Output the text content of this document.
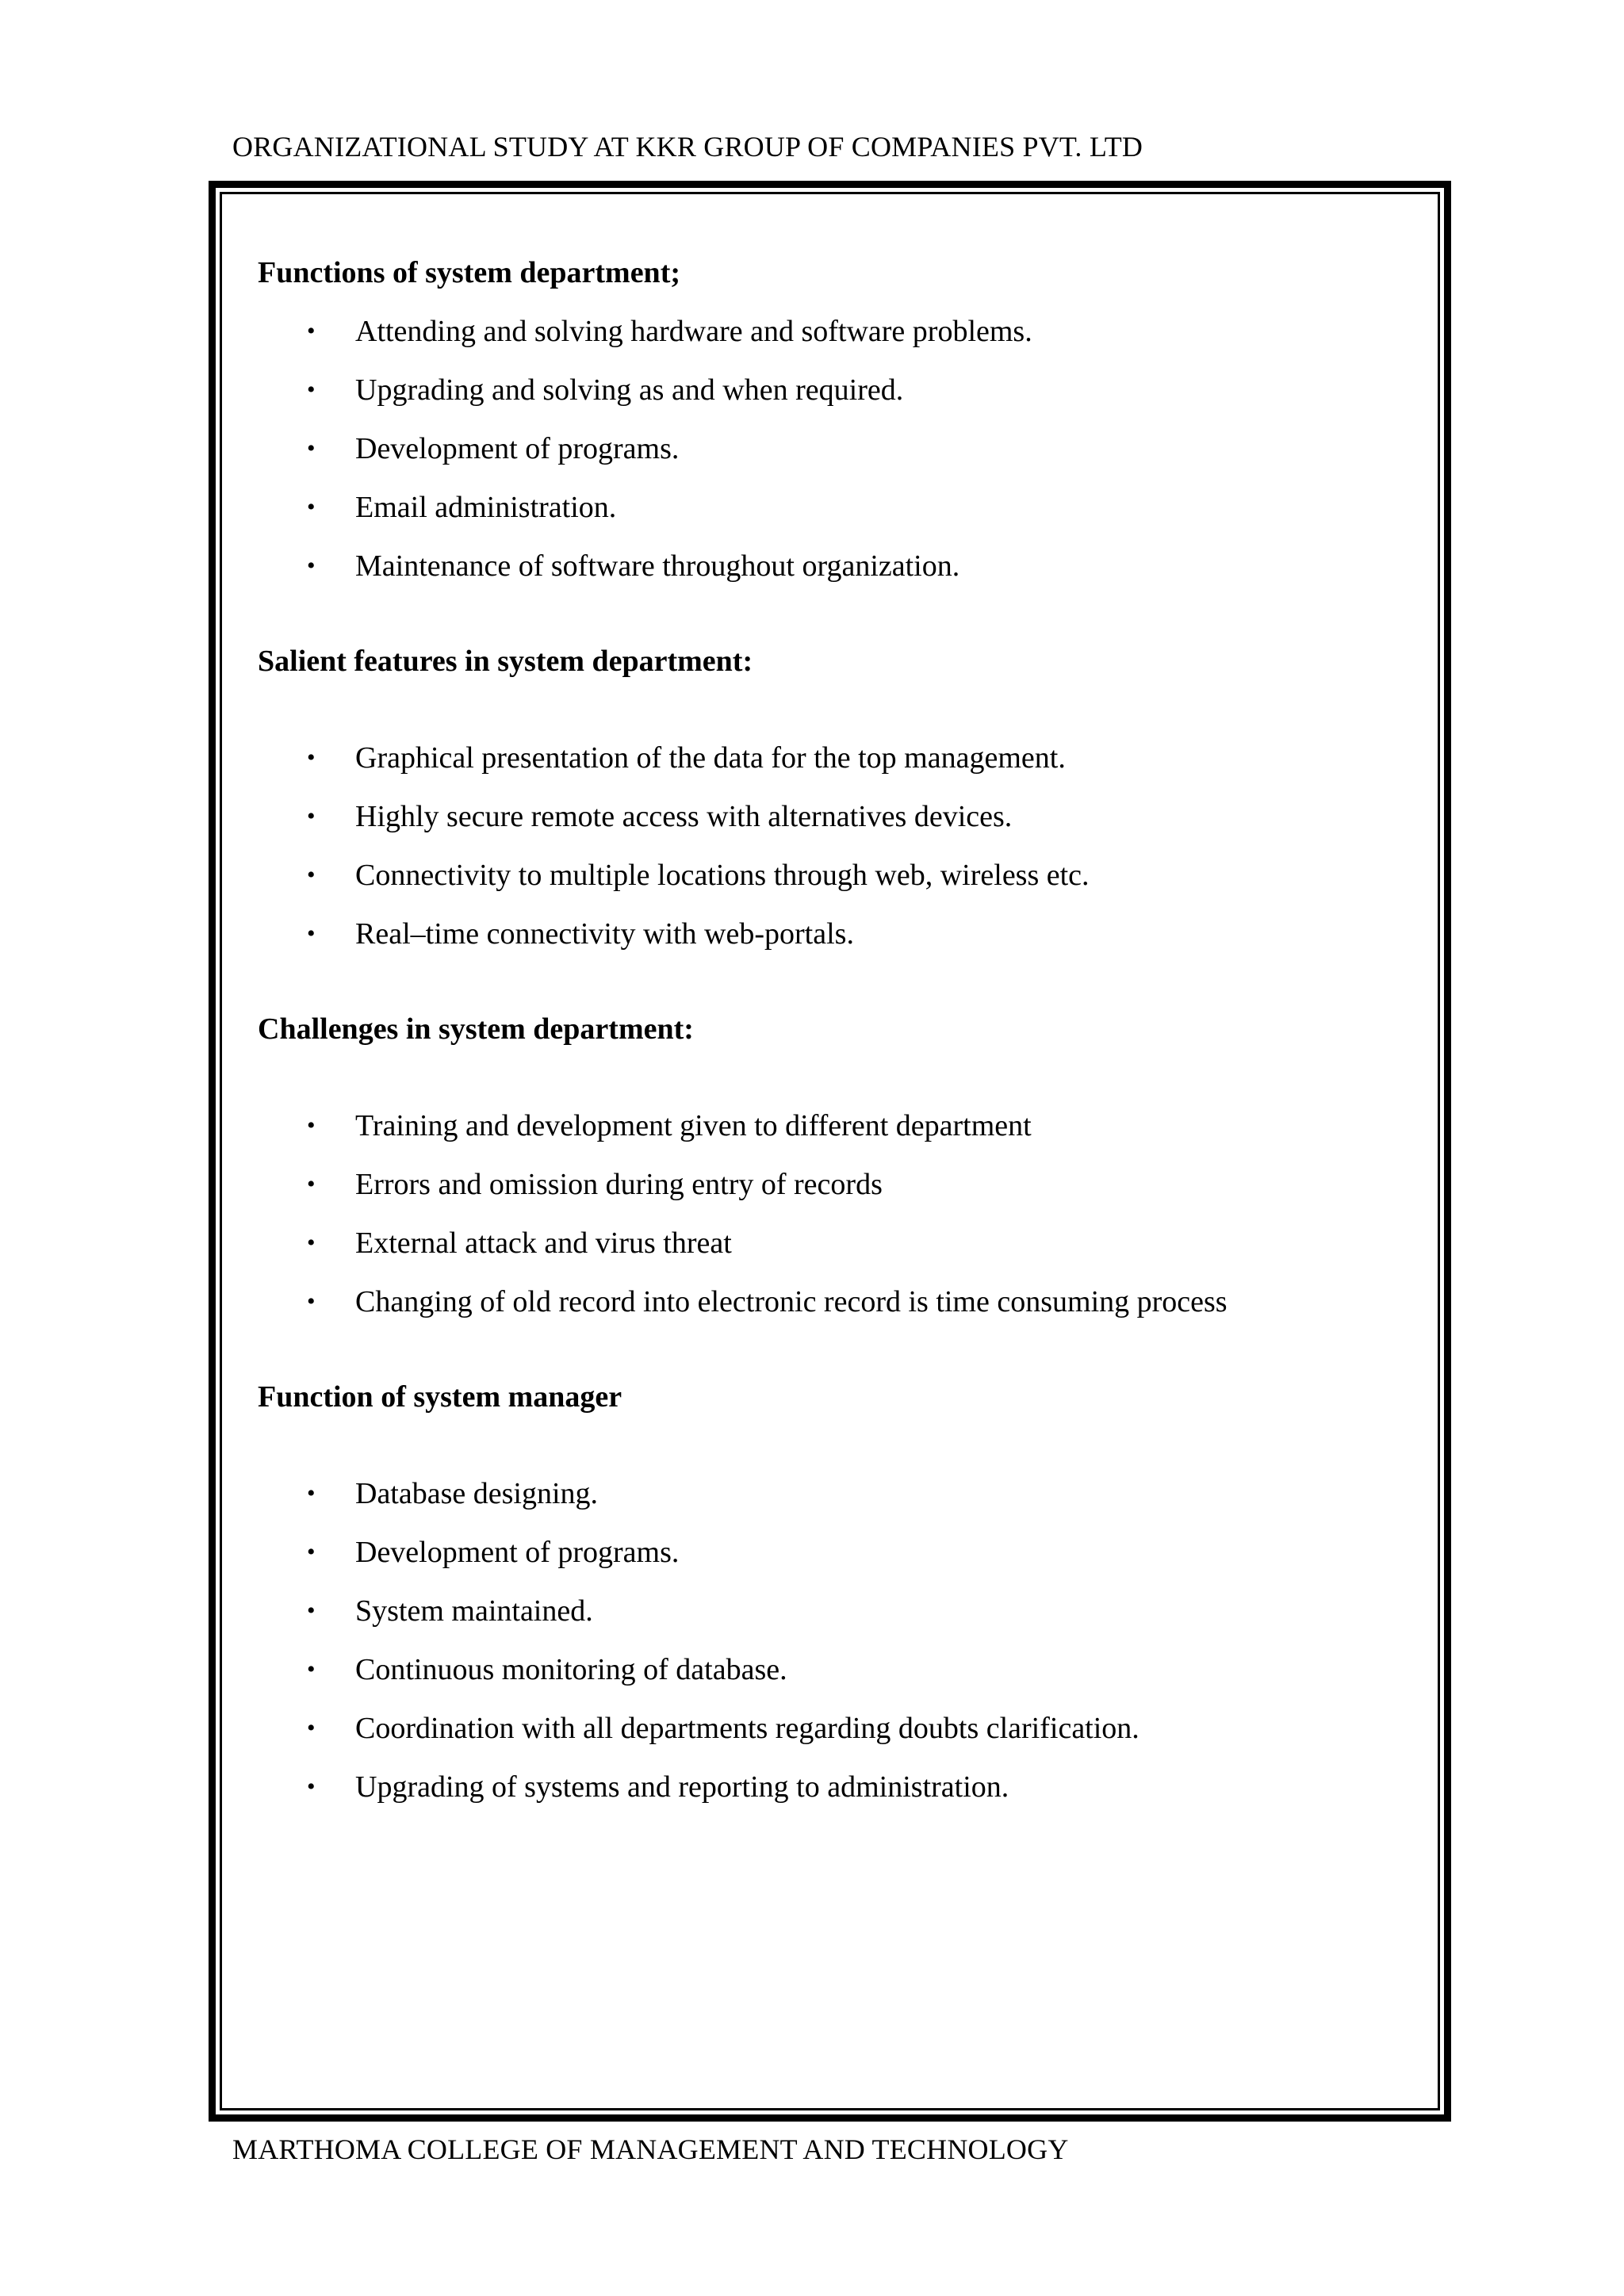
ORGANIZATIONAL STUDY AT KKR GROUP OF COMPANIES PVT. LTD

Functions of system department;

• Attending and solving hardware and software problems.
• Upgrading and solving as and when required.
• Development of programs.
• Email administration.
• Maintenance of software throughout organization.

Salient features in system department:

• Graphical presentation of the data for the top management.
• Highly secure remote access with alternatives devices.
• Connectivity to multiple locations through web, wireless etc.
• Real–time connectivity with web-portals.

Challenges in system department:

• Training and development given to different department
• Errors and omission during entry of records
• External attack and virus threat
• Changing of old record into electronic record is time consuming process

Function of system manager

• Database designing.
• Development of programs.
• System maintained.
• Continuous monitoring of database.
• Coordination with all departments regarding doubts clarification.
• Upgrading of systems and reporting to administration.
MARTHOMA COLLEGE OF MANAGEMENT AND TECHNOLOGY
